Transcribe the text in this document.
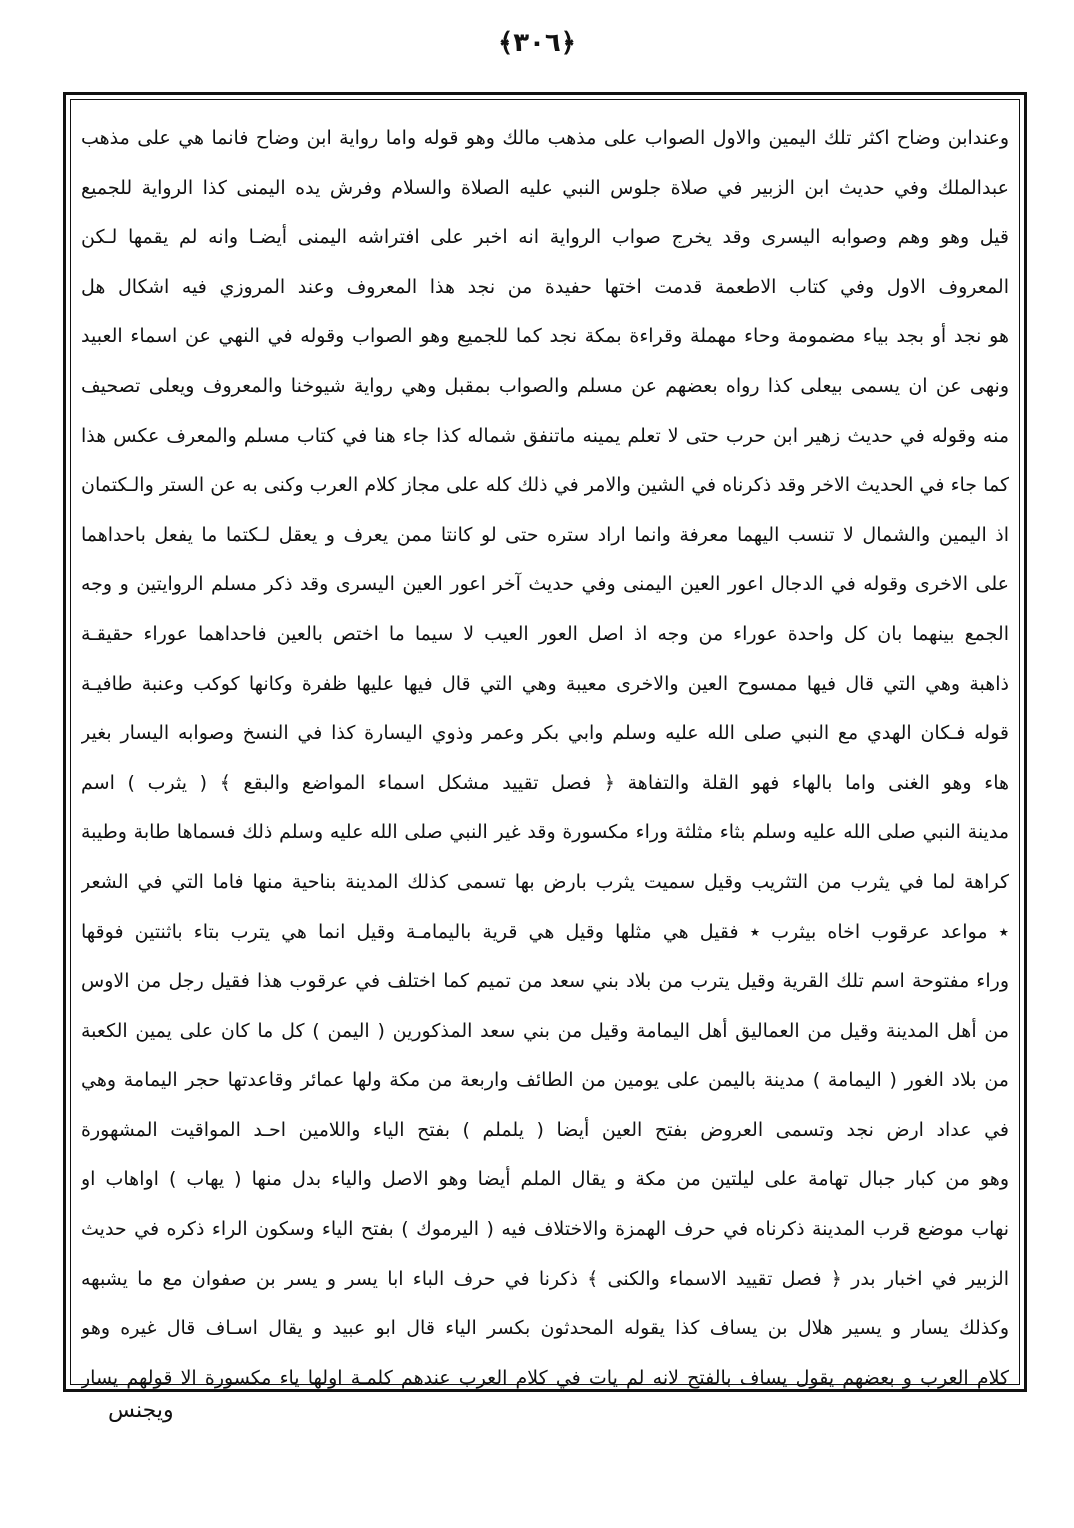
﴿٣٠٦﴾
وعندابن وضاح اكثر تلك اليمين والاول الصواب على مذهب مالك وهو قوله واما رواية ابن وضاح فانما هي على مذهب
عبدالملك وفي حديث ابن الزبير في صلاة جلوس النبي عليه الصلاة والسلام وفرش يده اليمنى كذا الرواية للجميع
قيل وهو وهم وصوابه اليسرى وقد يخرج صواب الرواية انه اخبر على افتراشه اليمنى أيضـا وانه لم يقمها لـكن
المعروف الاول وفي كتاب الاطعمة قدمت اختها حفيدة من نجد هذا المعروف وعند المروزي فيه اشكال هل
هو نجد أو بجد بياء مضمومة وحاء مهملة وقراءة بمكة نجد كما للجميع وهو الصواب وقوله في النهي عن اسماء العبيد
ونهى عن ان يسمى بيعلى كذا رواه بعضهم عن مسلم والصواب بمقبل وهي رواية شيوخنا والمعروف ويعلى تصحيف
منه وقوله في حديث زهير ابن حرب حتى لا تعلم يمينه ماتنفق شماله كذا جاء هنا في كتاب مسلم والمعرف عكس هذا
كما جاء في الحديث الاخر وقد ذكرناه في الشين والامر في ذلك كله على مجاز كلام العرب وكنى به عن الستر والـكتمان
اذ اليمين والشمال لا تنسب اليهما معرفة وانما اراد ستره حتى لو كانتا ممن يعرف و يعقل لـكتما ما يفعل باحداهما
على الاخرى وقوله في الدجال اعور العين اليمنى وفي حديث آخر اعور العين اليسرى وقد ذكر مسلم الروايتين و وجه
الجمع بينهما بان كل واحدة عوراء من وجه اذ اصل العور العيب لا سيما ما اختص بالعين فاحداهما عوراء حقيقـة
ذاهبة وهي التي قال فيها ممسوح العين والاخرى معيبة وهي التي قال فيها عليها ظفرة وكانها كوكب وعنبة طافيـة
قوله فـكان الهدي مع النبي صلى الله عليه وسلم وابي بكر وعمر وذوي اليسارة كذا في النسخ وصوابه اليسار بغير
هاء وهو الغنى واما بالهاء فهو القلة والتفاهة ﴿ فصل تقييد مشكل اسماء المواضع والبقع ﴾ ( يثرب ) اسم
مدينة النبي صلى الله عليه وسلم بثاء مثلثة وراء مكسورة وقد غير النبي صلى الله عليه وسلم ذلك فسماها طابة وطيبة
كراهة لما في يثرب من التثريب وقيل سميت يثرب بارض بها تسمى كذلك المدينة بناحية منها فاما التي في الشعر
٭ مواعد عرقوب اخاه بيثرب ٭ فقيل هي مثلها وقيل هي قرية باليمامـة وقيل انما هي يترب بتاء باثنتين فوقها
وراء مفتوحة اسم تلك القرية وقيل يترب من بلاد بني سعد من تميم كما اختلف في عرقوب هذا فقيل رجل من الاوس
من أهل المدينة وقيل من العماليق أهل اليمامة وقيل من بني سعد المذكورين ( اليمن ) كل ما كان على يمين الكعبة
من بلاد الغور ( اليمامة ) مدينة باليمن على يومين من الطائف واربعة من مكة ولها عمائر وقاعدتها حجر اليمامة وهي
في عداد ارض نجد وتسمى العروض بفتح العين أيضا ( يلملم ) بفتح الياء واللامين احـد المواقيت المشهورة
وهو من كبار جبال تهامة على ليلتين من مكة و يقال الملم أيضا وهو الاصل والياء بدل منها ( يهاب ) اواهاب او
نهاب موضع قرب المدينة ذكرناه في حرف الهمزة والاختلاف فيه ( اليرموك ) بفتح الياء وسكون الراء ذكره في حديث
الزبير في اخبار بدر ﴿ فصل تقييد الاسماء والكنى ﴾ ذكرنا في حرف الباء ابا يسر و يسر بن صفوان مع ما يشبهه
وكذلك يسار و يسير هلال بن يساف كذا يقوله المحدثون بكسر الياء قال ابو عبيد و يقال اسـاف قال غيره وهو
كلام العرب و بعضهم يقول يساف بالفتح لانه لم يات في كلام العرب عندهم كلمـة اولها ياء مكسورة الا قولهم يسار
ويجنس
